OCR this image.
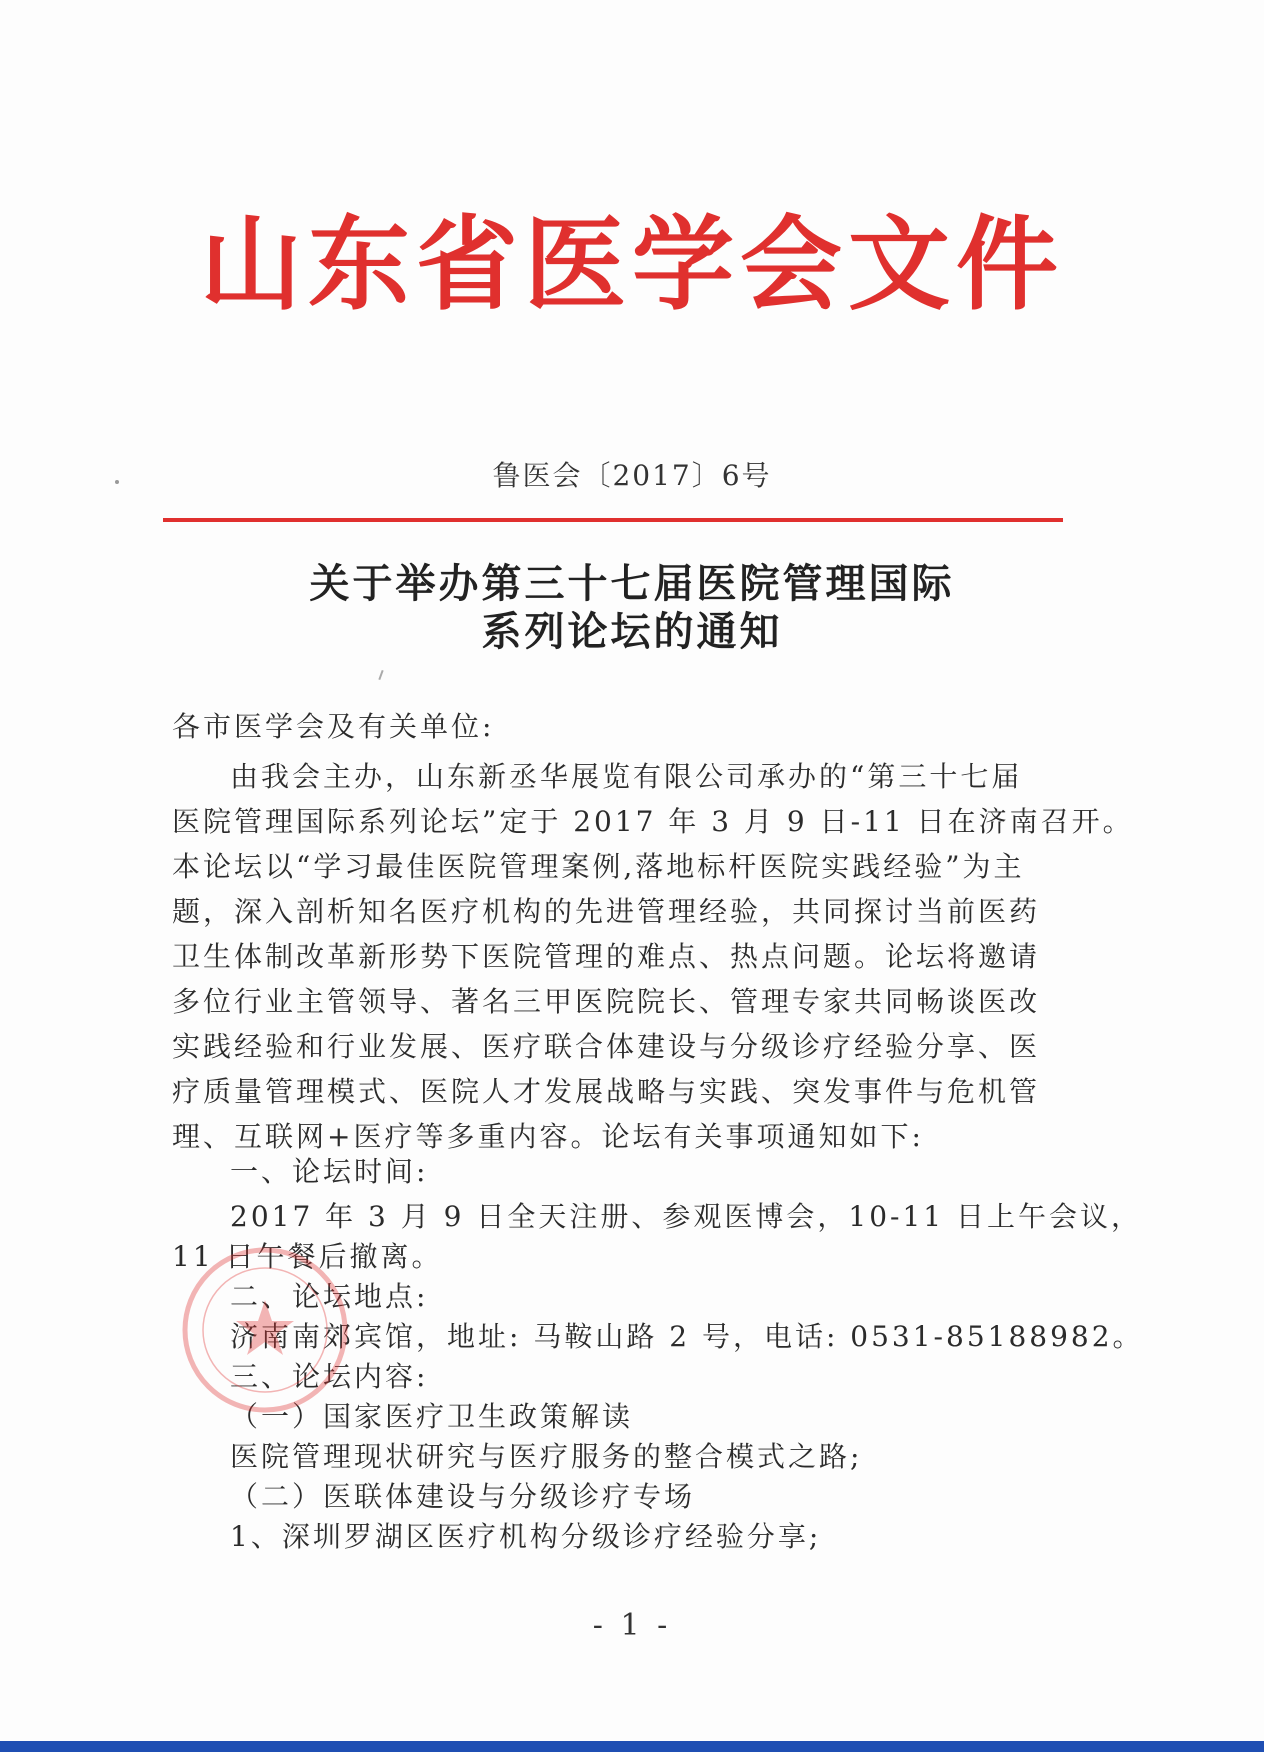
山东省医学会文件
鲁医会〔2017〕6号
关于举办第三十七届医院管理国际
系列论坛的通知
各市医学会及有关单位:
由我会主办，山东新丞华展览有限公司承办的“第三十七届
医院管理国际系列论坛”定于 2017 年 3 月 9 日-11 日在济南召开。
本论坛以“学习最佳医院管理案例,落地标杆医院实践经验”为主
题，深入剖析知名医疗机构的先进管理经验，共同探讨当前医药
卫生体制改革新形势下医院管理的难点、热点问题。论坛将邀请
多位行业主管领导、著名三甲医院院长、管理专家共同畅谈医改
实践经验和行业发展、医疗联合体建设与分级诊疗经验分享、医
疗质量管理模式、医院人才发展战略与实践、突发事件与危机管
理、互联网+医疗等多重内容。论坛有关事项通知如下:
一、论坛时间:
2017 年 3 月 9 日全天注册、参观医博会，10-11 日上午会议，
11 日午餐后撤离。
二、论坛地点:
济南南郊宾馆，地址: 马鞍山路 2 号，电话: 0531-85188982。
三、论坛内容:
（一）国家医疗卫生政策解读
医院管理现状研究与医疗服务的整合模式之路;
（二）医联体建设与分级诊疗专场
1、深圳罗湖区医疗机构分级诊疗经验分享;
- 1 -
